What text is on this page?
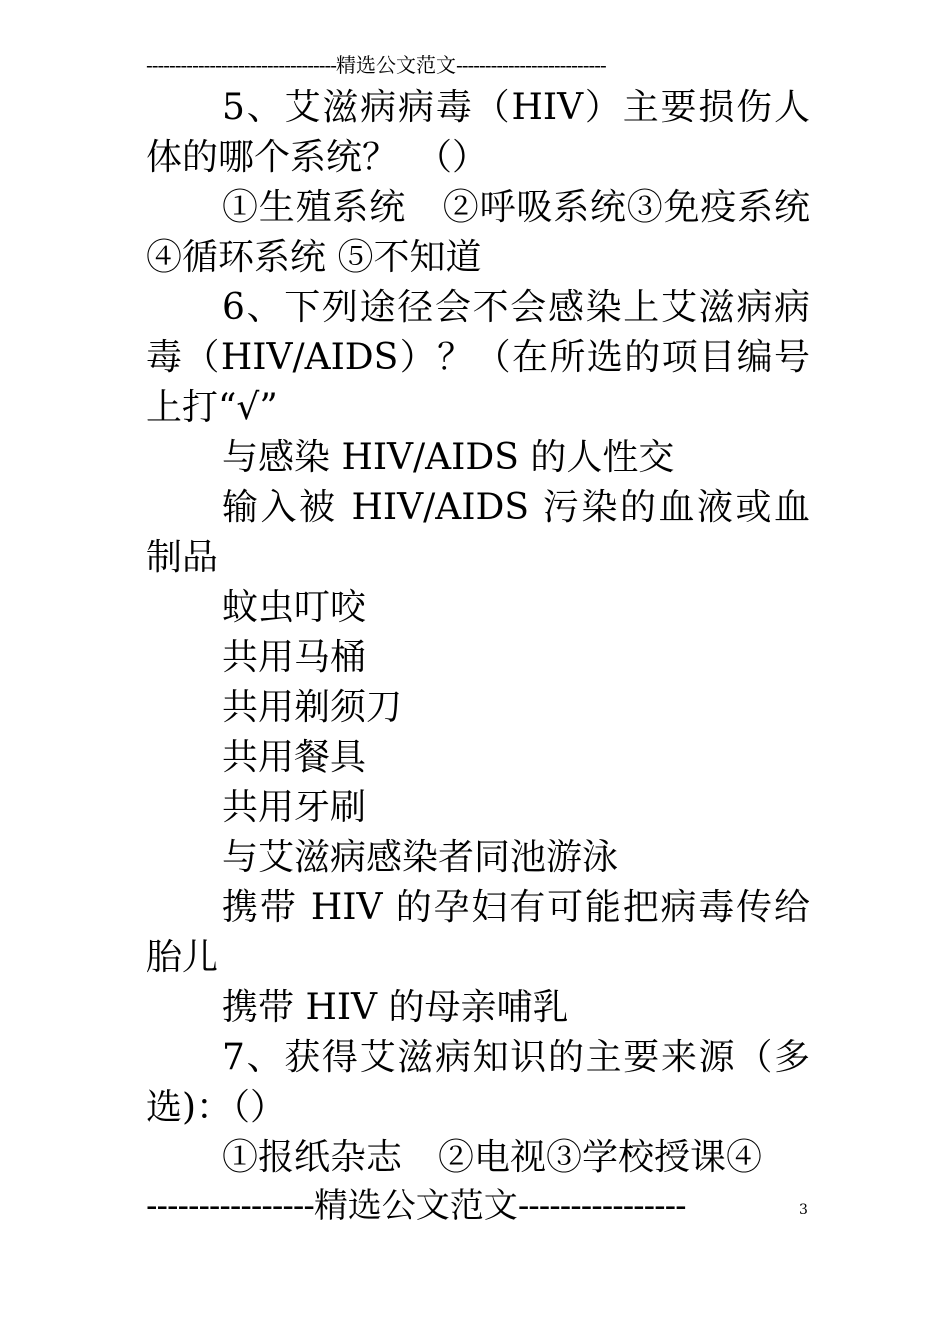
---------------------------------精选公文范文--------------------------

5、艾滋病病毒（HIV）主要损伤人体的哪个系统？　（）

①生殖系统　②呼吸系统③免疫系统　④循环系统 ⑤不知道

6、下列途径会不会感染上艾滋病病毒（HIV/AIDS）？（在所选的项目编号上打“√”

与感染 HIV/AIDS 的人性交

输入被 HIV/AIDS 污染的血液或血制品

蚊虫叮咬

共用马桶

共用剃须刀

共用餐具

共用牙刷

与艾滋病感染者同池游泳

携带 HIV 的孕妇有可能把病毒传给胎儿

携带 HIV 的母亲哺乳

7、获得艾滋病知识的主要来源（多选)：（）

①报纸杂志　②电视③学校授课④

----------------精选公文范文----------------	3
